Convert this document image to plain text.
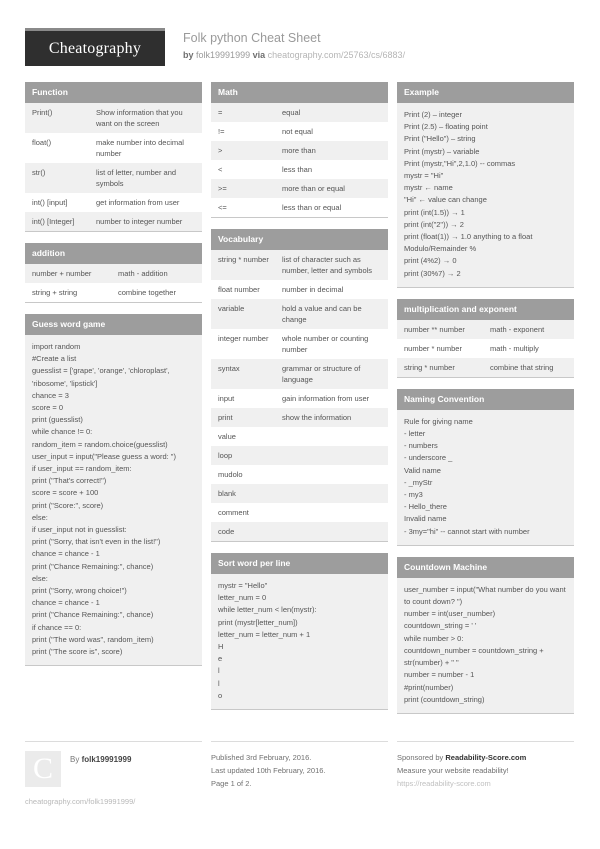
Cheatography
Folk python Cheat Sheet
by folk19991999 via cheatography.com/25763/cs/6883/
Function
Print()	Show information that you want on the screen
float()	make number into decimal number
str()	list of letter, number and symbols
int() [input]	get information from user
int() [Integer]	number to integer number
addition
number + number	math - addition
string + string	combine together
Guess word game
import random
#Create a list
guesslist = ['grape', 'orange', 'chloroplast', 'ribosome', 'lipstick']
chance = 3
score = 0
print (guesslist)
while chance != 0:
random_item = random.choice(guesslist)
user_input = input("Please guess a word: ")
if user_input == random_item:
print ("That's correct!")
score = score + 100
print ("Score:", score)
else:
if user_input not in guesslist:
print ("Sorry, that isn't even in the list!")
chance = chance - 1
print ("Chance Remaining:", chance)
else:
print ("Sorry, wrong choice!")
chance = chance - 1
print ("Chance Remaining:", chance)
if chance == 0:
print ("The word was", random_item)
print ("The score is", score)
Math
=	equal
!=	not equal
>	more than
<	less than
>=	more than or equal
<=	less than or equal
Vocabulary
string * number	list of character such as number, letter and symbols
float number	number in decimal
variable	hold a value and can be change
integer number	whole number or counting number
syntax	grammar or structure of language
input	gain information from user
print	show the information
value
loop
mudolo
blank
comment
code
Sort word per line
mystr = "Hello"
letter_num = 0
while letter_num < len(mystr):
print (mystr[letter_num])
letter_num = letter_num + 1
H
e
l
l
o
Example
Print (2) – integer
Print (2.5) – floating point
Print ("Hello") – string
Print (mystr) – variable
Print (mystr,"Hi",2,1.0) -- commas
mystr = "Hi"
mystr ← name
"Hi" ← value can change
print (int(1.5)) → 1
print (int("2")) → 2
print (float(1)) → 1.0 anything to a float
Modulo/Remainder %
print (4%2) → 0
print (30%7) → 2
multiplication and exponent
number ** number	math - exponent
number * number	math - multiply
string * number	combine that string
Naming Convention
Rule for giving name
- letter
- numbers
- underscore _
Valid name
- _myStr
- my3
- Hello_there
Invalid name
- 3my="hi" -- cannot start with number
Countdown Machine
user_number = input("What number do you want to count down? ")
number = int(user_number)
countdown_string = ' '
while number > 0:
countdown_number = countdown_string + str(number) + " "
number = number - 1
#print(number)
print (countdown_string)
C	By folk19991999
cheatography.com/folk19991999/
Published 3rd February, 2016.
Last updated 10th February, 2016.
Page 1 of 2.
Sponsored by Readability-Score.com
Measure your website readability!
https://readability-score.com
